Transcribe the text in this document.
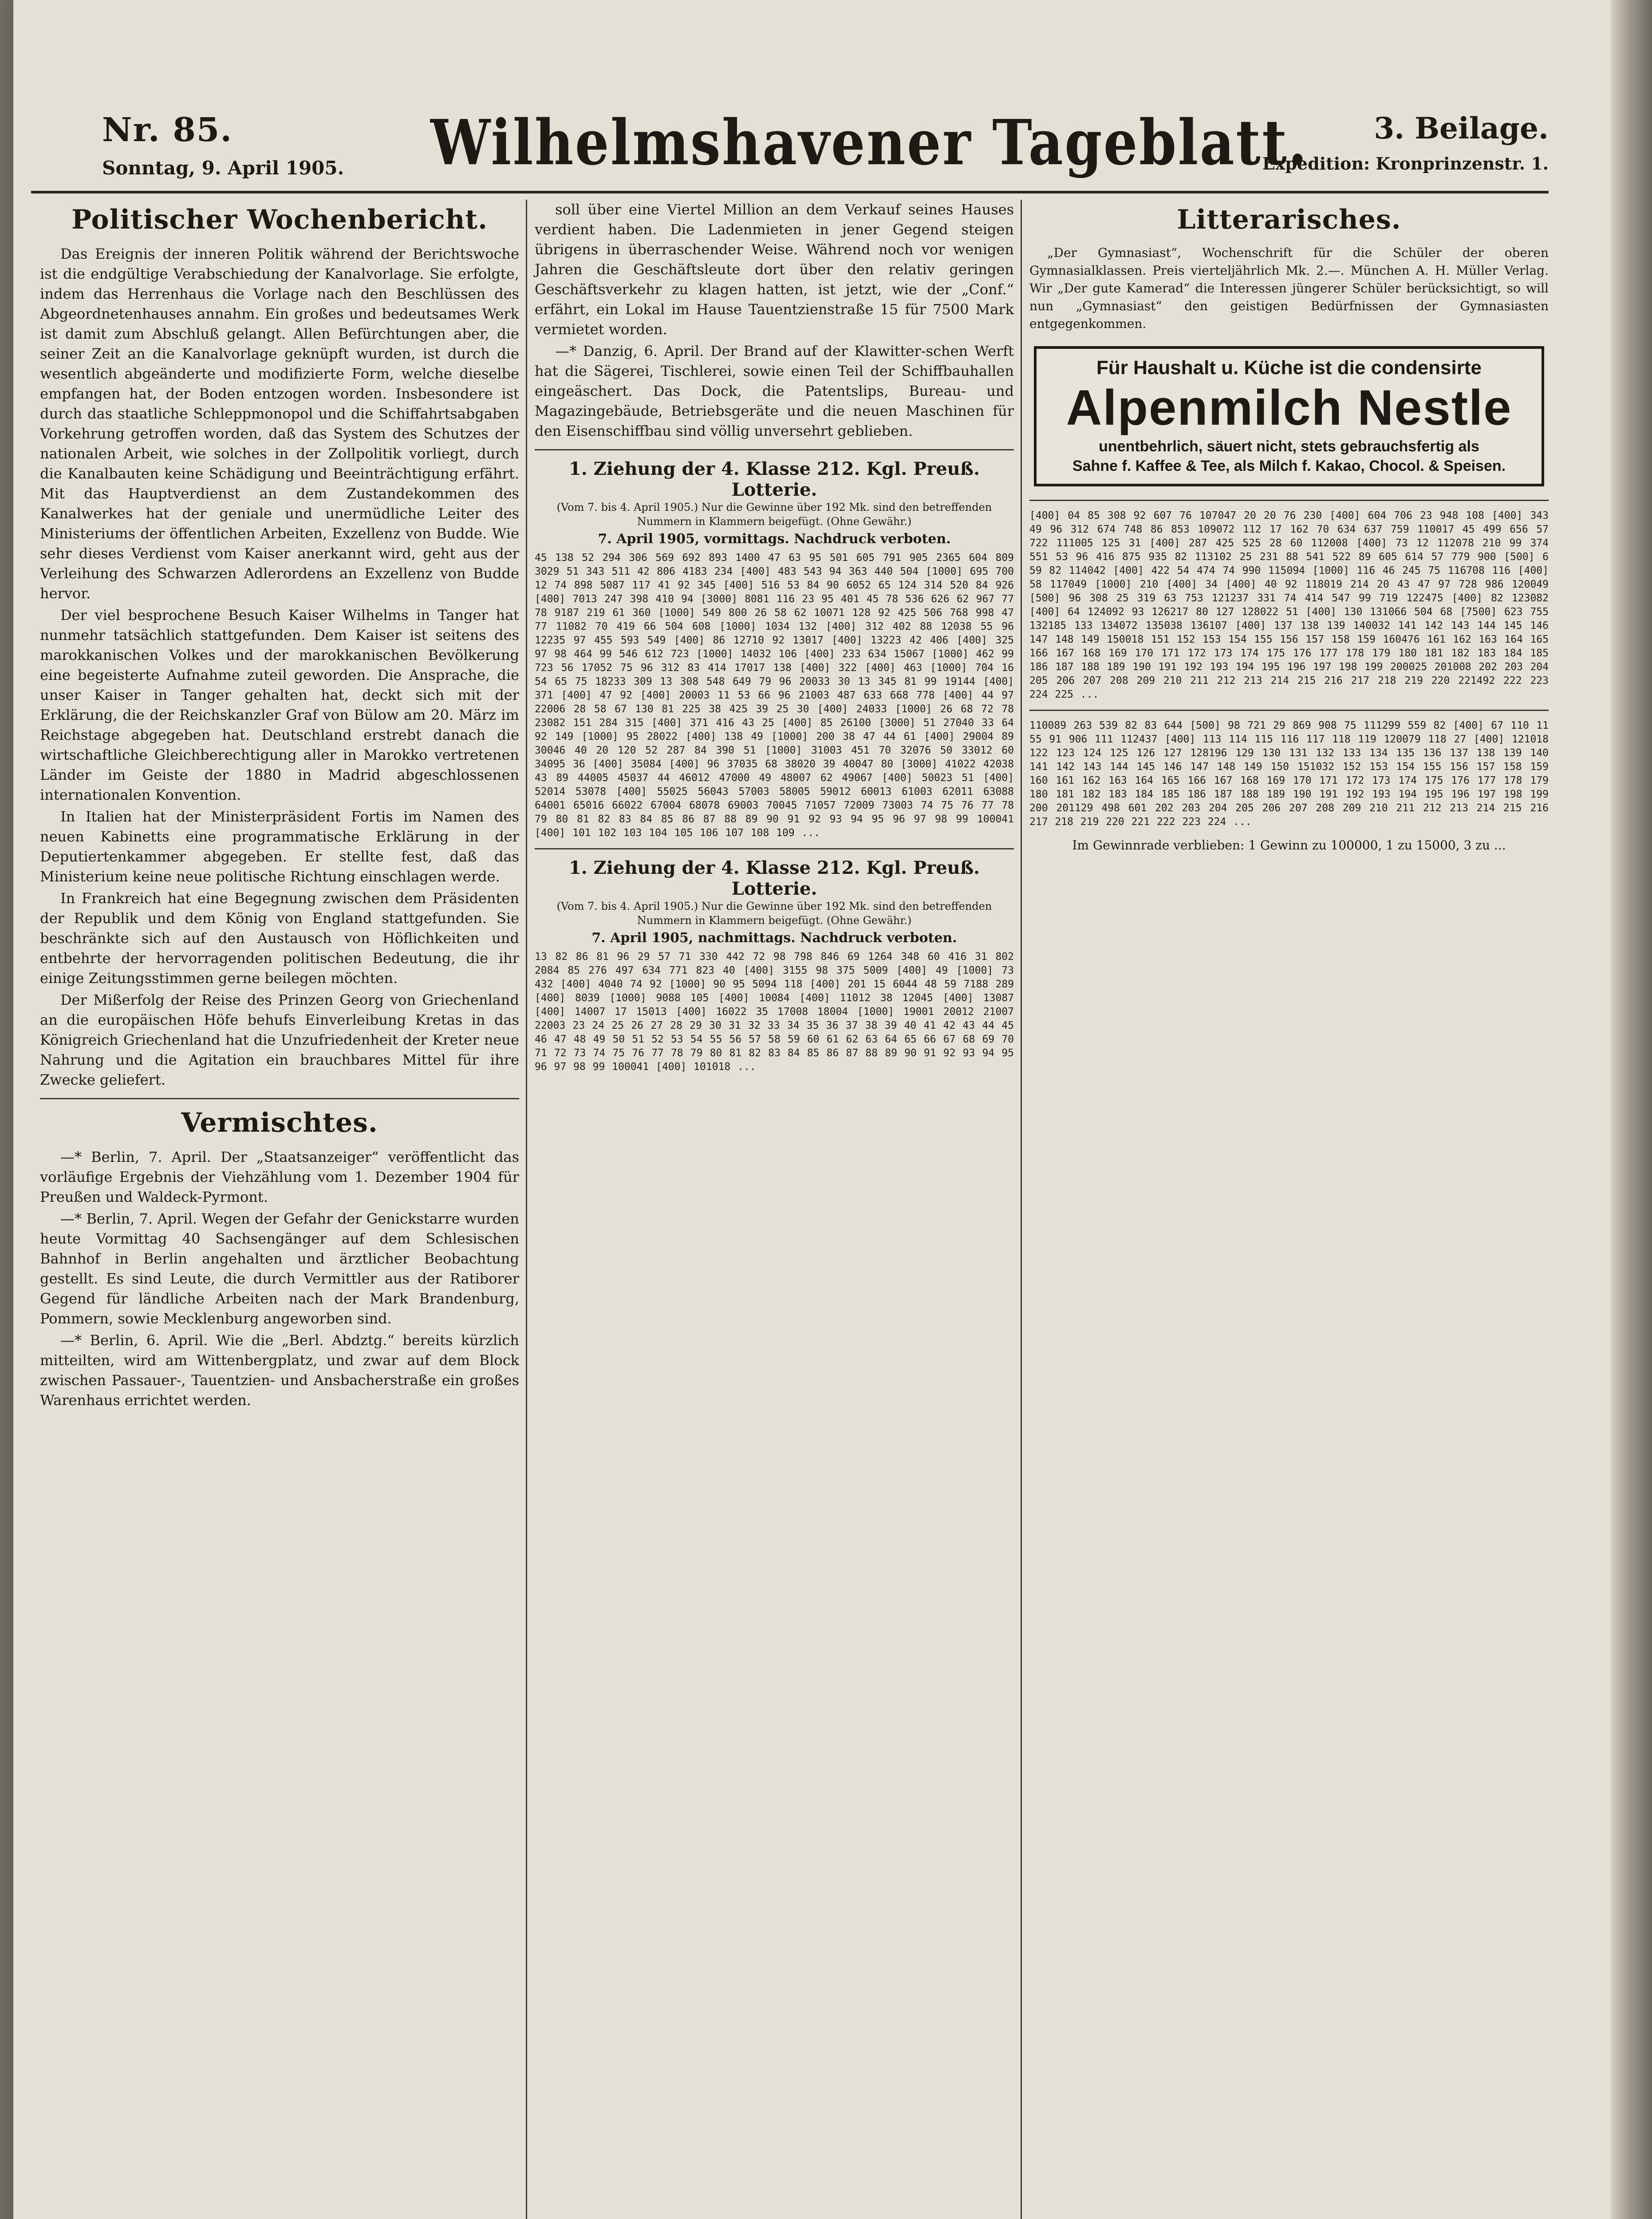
Nr. 85.
Sonntag, 9. April 1905. Wilhelmshavener Tageblatt.	3. Beilage.
Expedition: Kronprinzenstr. 1.
Politischer Wochenbericht.

Das Ereignis der inneren Politik während der Berichtswoche ist die endgültige Verabschiedung der Kanalvorlage. Sie erfolgte, indem das Herrenhaus die Vorlage nach den Beschlüssen des Abgeordnetenhauses annahm. Ein großes und bedeutsames Werk ist damit zum Abschluß gelangt. Allen Befürchtungen aber, die seiner Zeit an die Kanalvorlage geknüpft wurden, ist durch die wesentlich abgeänderte und modifizierte Form, welche dieselbe empfangen hat, der Boden entzogen worden. Insbesondere ist durch das staatliche Schleppmonopol und die Schiffahrtsabgaben Vorkehrung getroffen worden, daß das System des Schutzes der nationalen Arbeit, wie solches in der Zollpolitik vorliegt, durch die Kanalbauten keine Schädigung und Beeinträchtigung erfährt. Mit das Hauptverdienst an dem Zustandekommen des Kanalwerkes hat der geniale und unermüdliche Leiter des Ministeriums der öffentlichen Arbeiten, Exzellenz von Budde. Wie sehr dieses Verdienst vom Kaiser anerkannt wird, geht aus der Verleihung des Schwarzen Adlerordens an Exzellenz von Budde hervor.

Der viel besprochene Besuch Kaiser Wilhelms in Tanger hat nunmehr tatsächlich stattgefunden. Dem Kaiser ist seitens des marokkanischen Volkes und der marokkanischen Bevölkerung eine begeisterte Aufnahme zuteil geworden. Die Ansprache, die unser Kaiser in Tanger gehalten hat, deckt sich mit der Erklärung, die der Reichskanzler Graf von Bülow am 20. März im Reichstage abgegeben hat. Deutschland erstrebt danach die wirtschaftliche Gleichberechtigung aller in Marokko vertretenen Länder im Geiste der 1880 in Madrid abgeschlossenen internationalen Konvention.

In Italien hat der Ministerpräsident Fortis im Namen des neuen Kabinetts eine programmatische Erklärung in der Deputiertenkammer abgegeben. Er stellte fest, daß das Ministerium keine neue politische Richtung einschlagen werde.

In Frankreich hat eine Begegnung zwischen dem Präsidenten der Republik und dem König von England stattgefunden. Sie beschränkte sich auf den Austausch von Höflichkeiten und entbehrte der hervorragenden politischen Bedeutung, die ihr einige Zeitungsstimmen gerne beilegen möchten.

Der Mißerfolg der Reise des Prinzen Georg von Griechenland an die europäischen Höfe behufs Einverleibung Kretas in das Königreich Griechenland hat die Unzufriedenheit der Kreter neue Nahrung und die Agitation ein brauchbares Mittel für ihre Zwecke geliefert.

Vermischtes.

—* Berlin, 7. April. Der „Staatsanzeiger“ veröffentlicht das vorläufige Ergebnis der Viehzählung vom 1. Dezember 1904 für Preußen und Waldeck-Pyrmont.

—* Berlin, 7. April. Wegen der Gefahr der Genickstarre wurden heute Vormittag 40 Sachsengänger auf dem Schlesischen Bahnhof in Berlin angehalten und ärztlicher Beobachtung gestellt. Es sind Leute, die durch Vermittler aus der Ratiborer Gegend für ländliche Arbeiten nach der Mark Brandenburg, Pommern, sowie Mecklenburg angeworben sind.

—* Berlin, 6. April. Wie die „Berl. Abdztg.“ bereits kürzlich mitteilten, wird am Wittenbergplatz, und zwar auf dem Block zwischen Passauer-, Tauentzien- und Ansbacherstraße ein großes Warenhaus errichtet werden.

soll über eine Viertel Million an dem Verkauf seines Hauses verdient haben. Die Ladenmieten in jener Gegend steigen übrigens in überraschender Weise. Während noch vor wenigen Jahren die Geschäftsleute dort über den relativ geringen Geschäftsverkehr zu klagen hatten, ist jetzt, wie der „Conf.“ erfährt, ein Lokal im Hause Tauentzienstraße 15 für 7500 Mark vermietet worden.

—* Danzig, 6. April. Der Brand auf der Klawitter-schen Werft hat die Sägerei, Tischlerei, sowie einen Teil der Schiffbauhallen eingeäschert. Das Dock, die Patentslips, Bureau- und Magazingebäude, Betriebsgeräte und die neuen Maschinen für den Eisenschiffbau sind völlig unversehrt geblieben.

1. Ziehung der 4. Klasse 212. Kgl. Preuß. Lotterie.
(Vom 7. bis 4. April 1905.) Nur die Gewinne über 192 Mk. sind den betreffenden Nummern in Klammern beigefügt. (Ohne Gewähr.)
7. April 1905, vormittags. Nachdruck verboten.
45 138 52 294 306 569 692 893 1400 47 63 95 501 605 791 905 2365 604 809 3029 51 343 511 42 806 4183 234 [400] 483 543 94 363 440 504 [1000] 695 700 12 74 898 5087 117 41 92 345 [400] 516 53 84 90 6052 65 124 314 520 84 926 [400] 7013 247 398 410 94 [3000] 8081 116 23 95 401 45 78 536 626 62 967 77 78 9187 219 61 360 [1000] 549 800 26 58 62 10071 128 92 425 506 768 998 47 77 11082 70 419 66 504 608 [1000] 1034 132 [400] 312 402 88 12038 55 96 12235 97 455 593 549 [400] 86 12710 92 13017 [400] 13223 42 406 [400] 325 97 98 464 99 546 612 723 [1000] 14032 106 [400] 233 634 15067 [1000] 462 99 723 56 17052 75 96 312 83 414 17017 138 [400] 322 [400] 463 [1000] 704 16 54 65 75 18233 309 13 308 548 649 79 96 20033 30 13 345 81 99 19144 [400] 371 [400] 47 92 [400] 20003 11 53 66 96 21003 487 633 668 778 [400] 44 97 22006 28 58 67 130 81 225 38 425 39 25 30 [400] 24033 [1000] 26 68 72 78 23082 151 284 315 [400] 371 416 43 25 [400] 85 26100 [3000] 51 27040 33 64 92 149 [1000] 95 28022 [400] 138 49 [1000] 200 38 47 44 61 [400] 29004 89 30046 40 20 120 52 287 84 390 51 [1000] 31003 451 70 32076 50 33012 60 34095 36 [400] 35084 [400] 96 37035 68 38020 39 40047 80 [3000] 41022 42038 43 89 44005 45037 44 46012 47000 49 48007 62 49067 [400] 50023 51 [400] 52014 53078 [400] 55025 56043 57003 58005 59012 60013 61003 62011 63088 64001 65016 66022 67004 68078 69003 70045 71057 72009 73003 74 75 76 77 78 79 80 81 82 83 84 85 86 87 88 89 90 91 92 93 94 95 96 97 98 99 100041 [400] 101 102 103 104 105 106 107 108 109 ...
1. Ziehung der 4. Klasse 212. Kgl. Preuß. Lotterie.
(Vom 7. bis 4. April 1905.) Nur die Gewinne über 192 Mk. sind den betreffenden Nummern in Klammern beigefügt. (Ohne Gewähr.)
7. April 1905, nachmittags. Nachdruck verboten.
13 82 86 81 96 29 57 71 330 442 72 98 798 846 69 1264 348 60 416 31 802 2084 85 276 497 634 771 823 40 [400] 3155 98 375 5009 [400] 49 [1000] 73 432 [400] 4040 74 92 [1000] 90 95 5094 118 [400] 201 15 6044 48 59 7188 289 [400] 8039 [1000] 9088 105 [400] 10084 [400] 11012 38 12045 [400] 13087 [400] 14007 17 15013 [400] 16022 35 17008 18004 [1000] 19001 20012 21007 22003 23 24 25 26 27 28 29 30 31 32 33 34 35 36 37 38 39 40 41 42 43 44 45 46 47 48 49 50 51 52 53 54 55 56 57 58 59 60 61 62 63 64 65 66 67 68 69 70 71 72 73 74 75 76 77 78 79 80 81 82 83 84 85 86 87 88 89 90 91 92 93 94 95 96 97 98 99 100041 [400] 101018 ...
Litterarisches.
„Der Gymnasiast“, Wochenschrift für die Schüler der oberen Gymnasialklassen. Preis vierteljährlich Mk. 2.—. München A. H. Müller Verlag. Wir „Der gute Kamerad“ die Interessen jüngerer Schüler berücksichtigt, so will nun „Gymnasiast“ den geistigen Bedürfnissen der Gymnasiasten entgegenkommen.
Für Haushalt u. Küche ist die condensirte
Alpenmilch Nestle
unentbehrlich, säuert nicht, stets gebrauchsfertig als
Sahne f. Kaffee & Tee, als Milch f. Kakao, Chocol. & Speisen.
[400] 04 85 308 92 607 76 107047 20 20 76 230 [400] 604 706 23 948 108 [400] 343 49 96 312 674 748 86 853 109072 112 17 162 70 634 637 759 110017 45 499 656 57 722 111005 125 31 [400] 287 425 525 28 60 112008 [400] 73 12 112078 210 99 374 551 53 96 416 875 935 82 113102 25 231 88 541 522 89 605 614 57 779 900 [500] 6 59 82 114042 [400] 422 54 474 74 990 115094 [1000] 116 46 245 75 116708 116 [400] 58 117049 [1000] 210 [400] 34 [400] 40 92 118019 214 20 43 47 97 728 986 120049 [500] 96 308 25 319 63 753 121237 331 74 414 547 99 719 122475 [400] 82 123082 [400] 64 124092 93 126217 80 127 128022 51 [400] 130 131066 504 68 [7500] 623 755 132185 133 134072 135038 136107 [400] 137 138 139 140032 141 142 143 144 145 146 147 148 149 150018 151 152 153 154 155 156 157 158 159 160476 161 162 163 164 165 166 167 168 169 170 171 172 173 174 175 176 177 178 179 180 181 182 183 184 185 186 187 188 189 190 191 192 193 194 195 196 197 198 199 200025 201008 202 203 204 205 206 207 208 209 210 211 212 213 214 215 216 217 218 219 220 221492 222 223 224 225 ...
110089 263 539 82 83 644 [500] 98 721 29 869 908 75 111299 559 82 [400] 67 110 11 55 91 906 111 112437 [400] 113 114 115 116 117 118 119 120079 118 27 [400] 121018 122 123 124 125 126 127 128196 129 130 131 132 133 134 135 136 137 138 139 140 141 142 143 144 145 146 147 148 149 150 151032 152 153 154 155 156 157 158 159 160 161 162 163 164 165 166 167 168 169 170 171 172 173 174 175 176 177 178 179 180 181 182 183 184 185 186 187 188 189 190 191 192 193 194 195 196 197 198 199 200 201129 498 601 202 203 204 205 206 207 208 209 210 211 212 213 214 215 216 217 218 219 220 221 222 223 224 ...
Im Gewinnrade verblieben: 1 Gewinn zu 100000, 1 zu 15000, 3 zu ...
